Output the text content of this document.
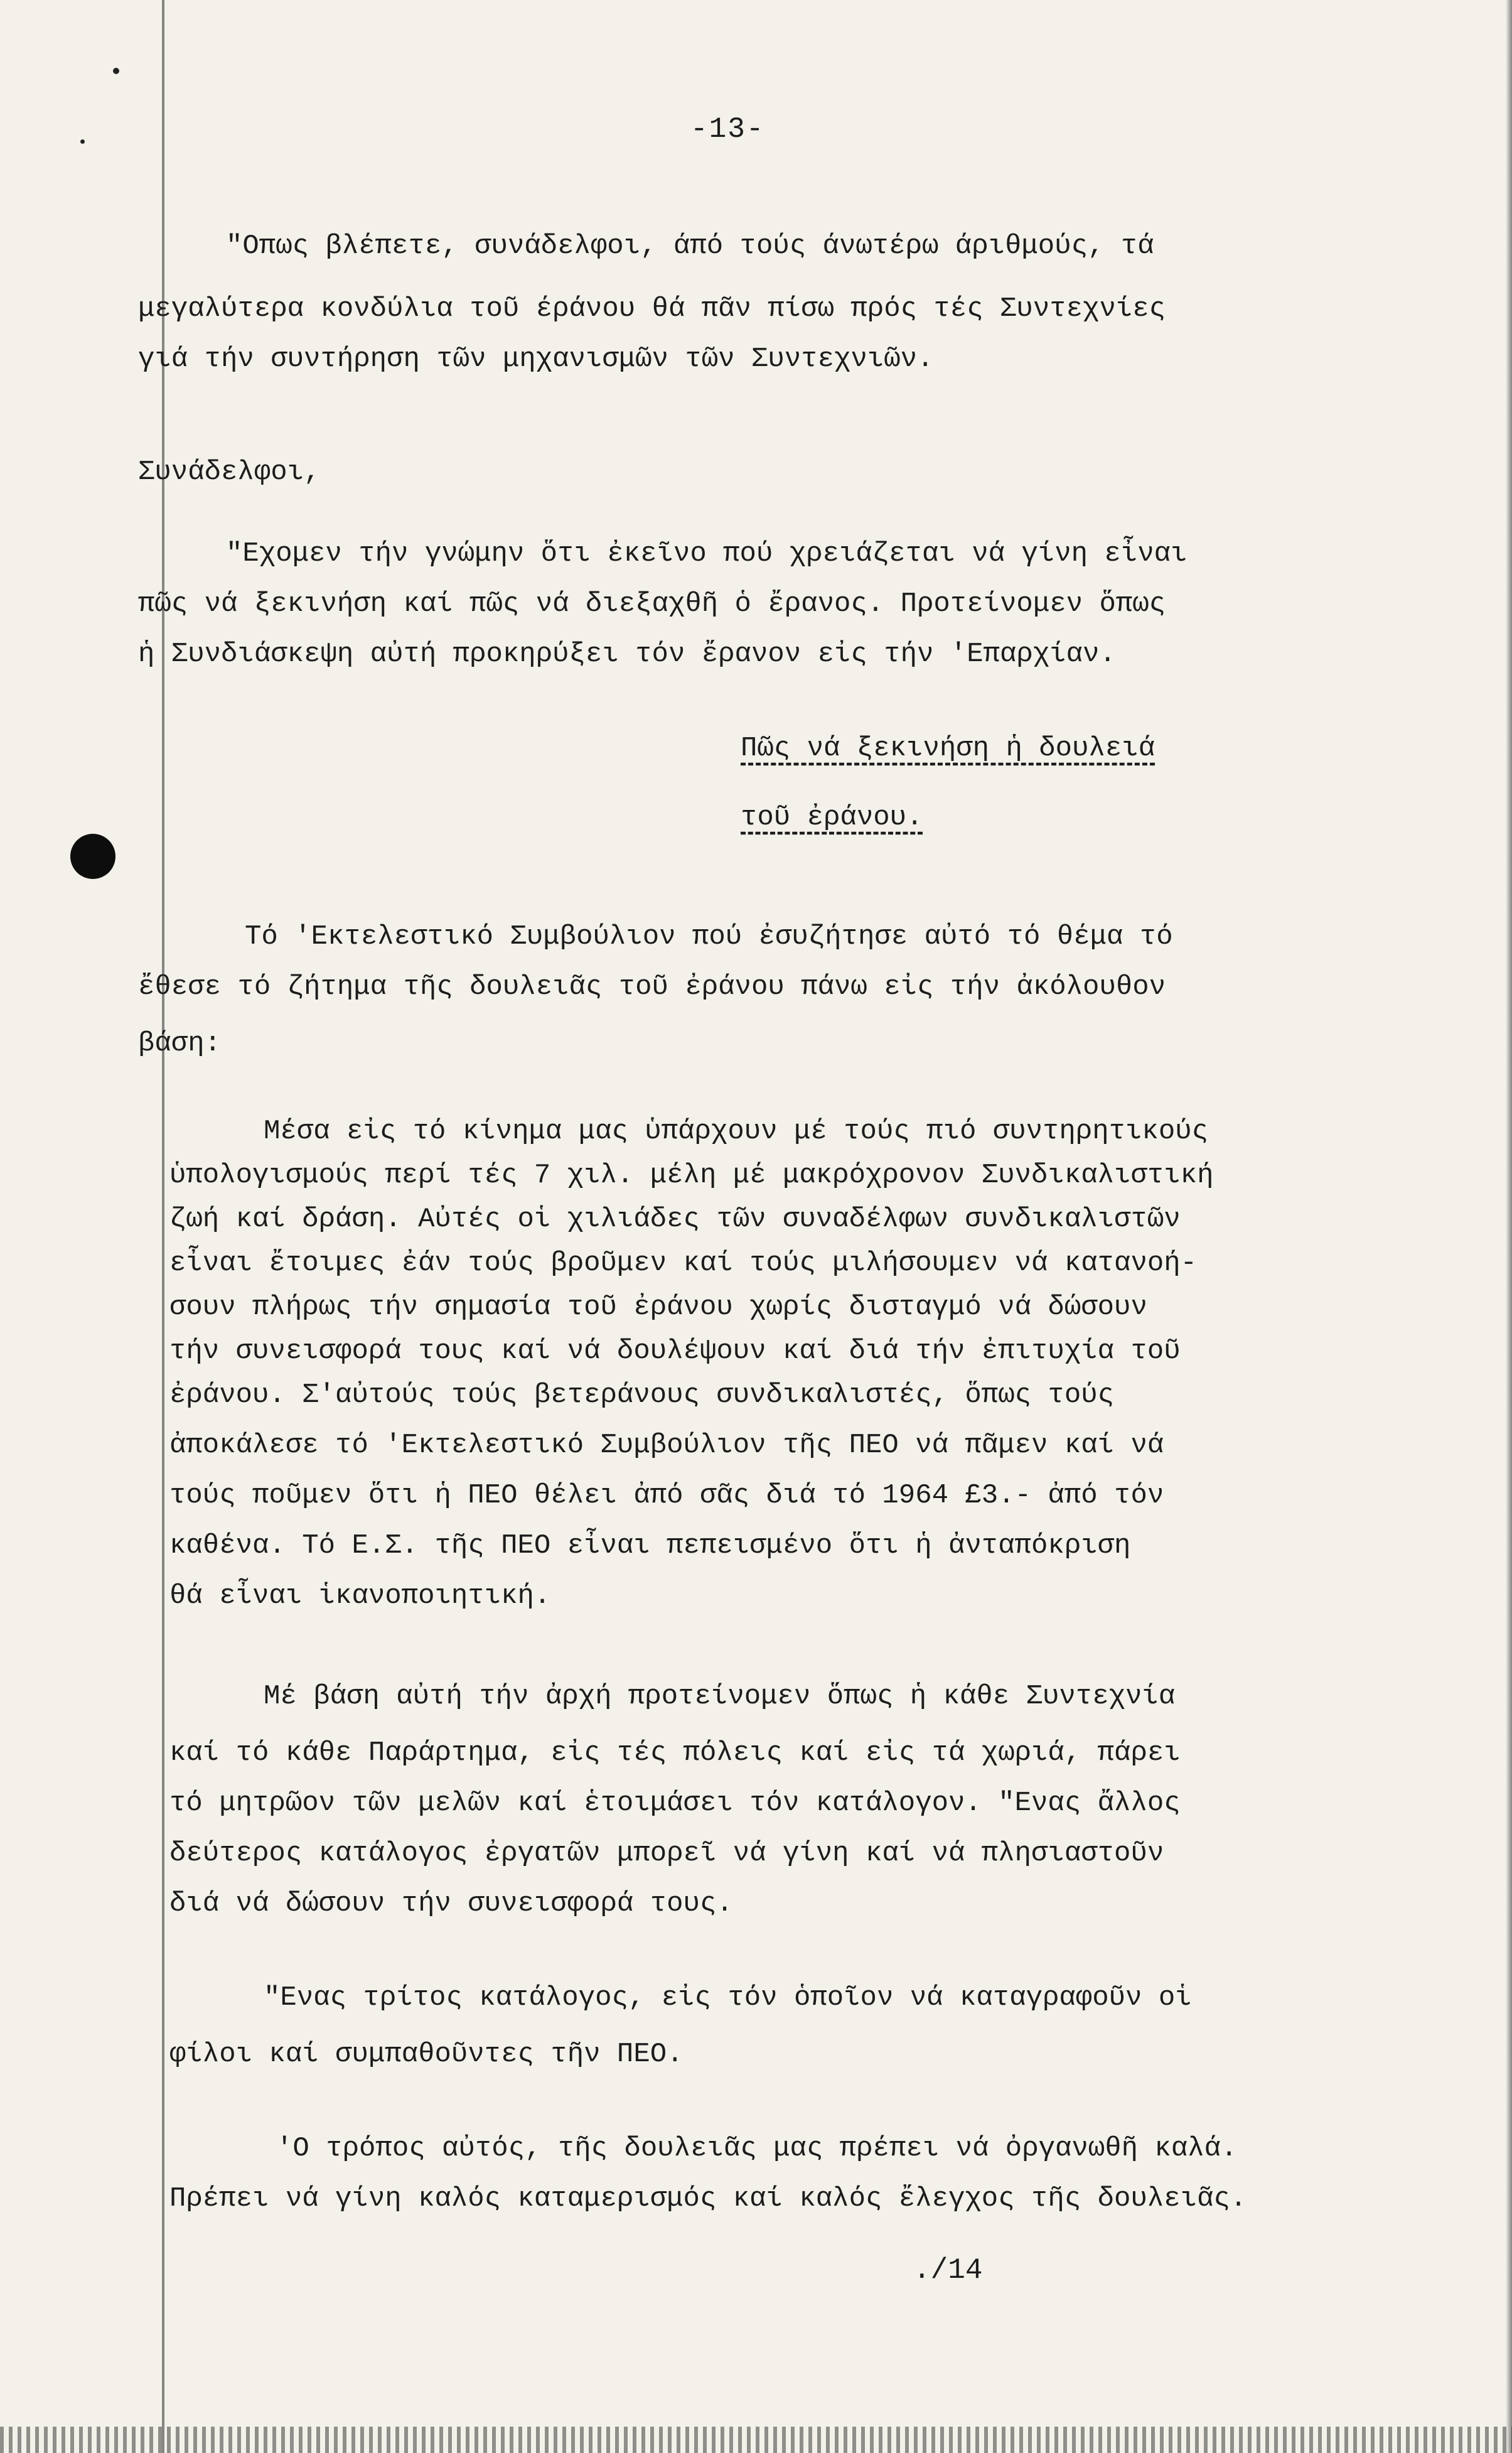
-13-
"Οπως βλέπετε, συνάδελφοι, άπό τούς άνωτέρω άριθμούς, τά
μεγαλύτερα κονδύλια τοῦ έράνου θά πᾶν πίσω πρός τές Συντεχνίες
γιά τήν συντήρηση τῶν μηχανισμῶν τῶν Συντεχνιῶν.
Συνάδελφοι,
"Εχομεν τήν γνώμην ὅτι ἐκεῖνο πού χρειάζεται νά γίνη εἶναι
πῶς νά ξεκινήση καί πῶς νά διεξαχθῆ ὁ ἔρανος. Προτείνομεν ὅπως
ἡ Συνδιάσκεψη αὐτή προκηρύξει τόν ἔρανον εἰς τήν 'Επαρχίαν.
Πῶς νά ξεκινήση ἡ δουλειά
τοῦ ἐράνου.
Τό 'Εκτελεστικό Συμβούλιον πού ἐσυζήτησε αὐτό τό θέμα τό
ἔθεσε τό ζήτημα τῆς δουλειᾶς τοῦ ἐράνου πάνω εἰς τήν ἀκόλουθον
βάση:
Μέσα εἰς τό κίνημα μας ὑπάρχουν μέ τούς πιό συντηρητικούς
ὑπολογισμούς περί τές 7 χιλ. μέλη μέ μακρόχρονον Συνδικαλιστική
ζωή καί δράση. Αὐτές οἱ χιλιάδες τῶν συναδέλφων συνδικαλιστῶν
εἶναι ἔτοιμες ἐάν τούς βροῦμεν καί τούς μιλήσουμεν νά κατανοή-
σουν πλήρως τήν σημασία τοῦ ἐράνου χωρίς δισταγμό νά δώσουν
τήν συνεισφορά τους καί νά δουλέψουν καί διά τήν ἐπιτυχία τοῦ
ἐράνου. Σ'αὐτούς τούς βετεράνους συνδικαλιστές, ὅπως τούς
ἀποκάλεσε τό 'Εκτελεστικό Συμβούλιον τῆς ΠΕΟ νά πᾶμεν καί νά
τούς ποῦμεν ὅτι ἡ ΠΕΟ θέλει ἀπό σᾶς διά τό 1964 £3.- ἀπό τόν
καθένα. Τό Ε.Σ. τῆς ΠΕΟ εἶναι πεπεισμένο ὅτι ἡ ἀνταπόκριση
θά εἶναι ἱκανοποιητική.
Μέ βάση αὐτή τήν ἀρχή προτείνομεν ὅπως ἡ κάθε Συντεχνία
καί τό κάθε Παράρτημα, εἰς τές πόλεις καί εἰς τά χωριά, πάρει
τό μητρῶον τῶν μελῶν καί ἑτοιμάσει τόν κατάλογον. "Ενας ἄλλος
δεύτερος κατάλογος ἐργατῶν μπορεῖ νά γίνη καί νά πλησιαστοῦν
διά νά δώσουν τήν συνεισφορά τους.
"Ενας τρίτος κατάλογος, εἰς τόν ὁποῖον νά καταγραφοῦν οἱ
φίλοι καί συμπαθοῦντες τῆν ΠΕΟ.
'Ο τρόπος αὐτός, τῆς δουλειᾶς μας πρέπει νά ὀργανωθῆ καλά.
Πρέπει νά γίνη καλός καταμερισμός καί καλός ἔλεγχος τῆς δουλειᾶς.
./14
